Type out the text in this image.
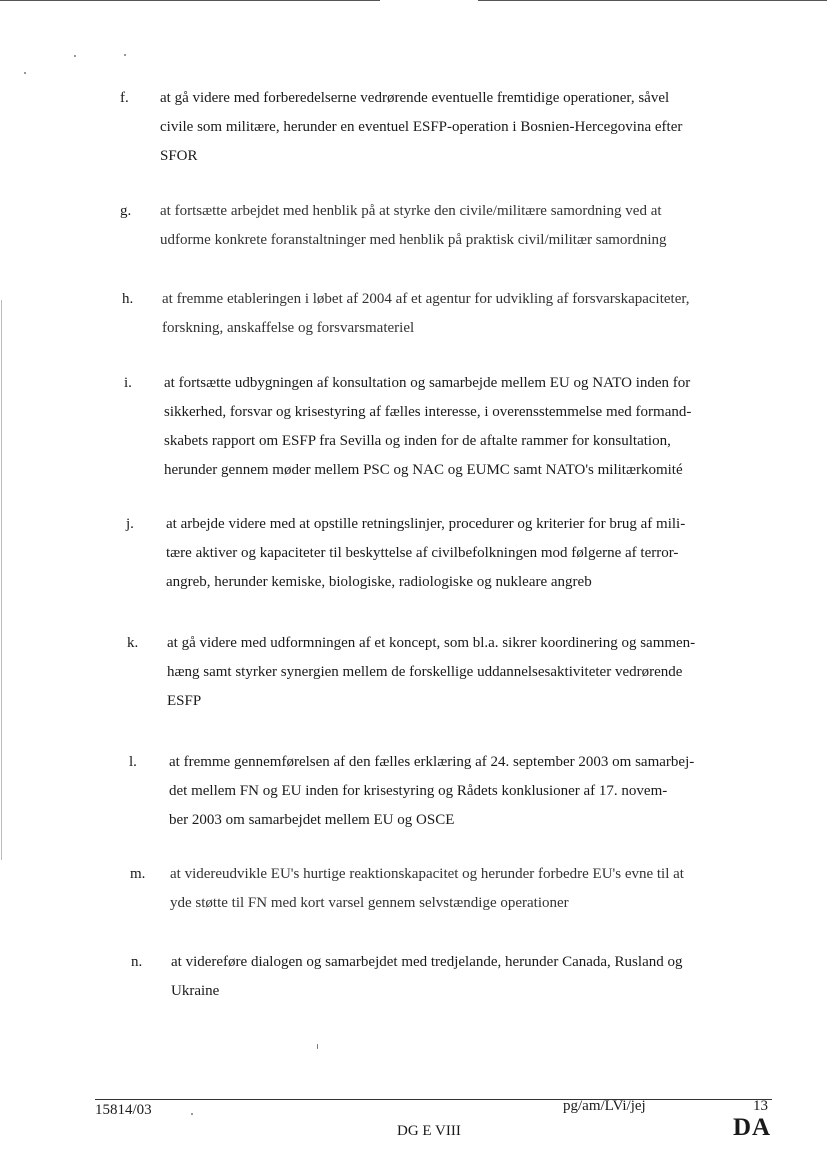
f. at gå videre med forberedelserne vedrørende eventuelle fremtidige operationer, såvel
civile som militære, herunder en eventuel ESFP-operation i Bosnien-Hercegovina efter
SFOR
g. at fortsætte arbejdet med henblik på at styrke den civile/militære samordning ved at
udforme konkrete foranstaltninger med henblik på praktisk civil/militær samordning
h. at fremme etableringen i løbet af 2004 af et agentur for udvikling af forsvarskapaciteter,
forskning, anskaffelse og forsvarsmateriel
i. at fortsætte udbygningen af konsultation og samarbejde mellem EU og NATO inden for
sikkerhed, forsvar og krisestyring af fælles interesse, i overensstemmelse med formand-
skabets rapport om ESFP fra Sevilla og inden for de aftalte rammer for konsultation,
herunder gennem møder mellem PSC og NAC og EUMC samt NATO's militærkomité
j. at arbejde videre med at opstille retningslinjer, procedurer og kriterier for brug af mili-
tære aktiver og kapaciteter til beskyttelse af civilbefolkningen mod følgerne af terror-
angreb, herunder kemiske, biologiske, radiologiske og nukleare angreb
k. at gå videre med udformningen af et koncept, som bl.a. sikrer koordinering og sammen-
hæng samt styrker synergien mellem de forskellige uddannelsesaktiviteter vedrørende
ESFP
l. at fremme gennemførelsen af den fælles erklæring af 24. september 2003 om samarbej-
det mellem FN og EU inden for krisestyring og Rådets konklusioner af 17. novem-
ber 2003 om samarbejdet mellem EU og OSCE
m. at videreudvikle EU's hurtige reaktionskapacitet og herunder forbedre EU's evne til at
yde støtte til FN med kort varsel gennem selvstændige operationer
n. at videreføre dialogen og samarbejdet med tredjelande, herunder Canada, Rusland og
Ukraine
15814/03	pg/am/LVi/jej	13
DG E VIII	DA
